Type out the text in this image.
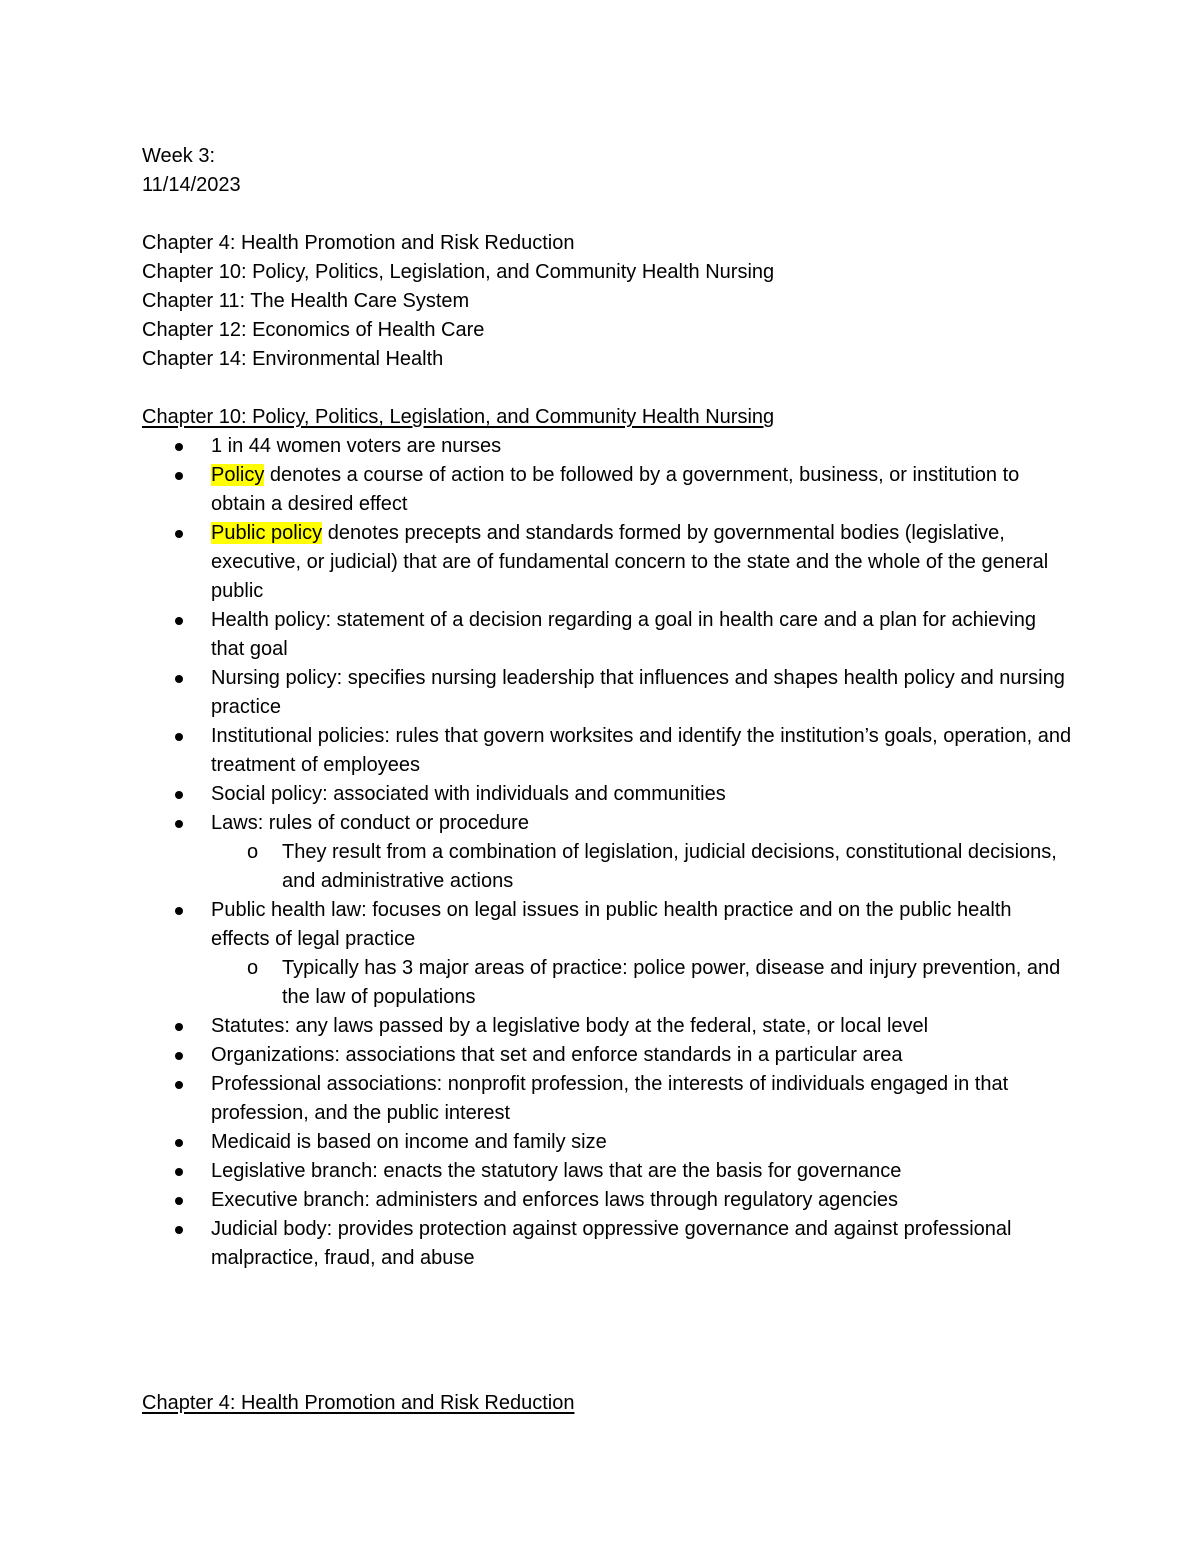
Week 3:

11/14/2023

Chapter 4: Health Promotion and Risk Reduction

Chapter 10: Policy, Politics, Legislation, and Community Health Nursing

Chapter 11: The Health Care System

Chapter 12: Economics of Health Care

Chapter 14: Environmental Health

Chapter 10: Policy, Politics, Legislation, and Community Health Nursing

1 in 44 women voters are nurses
Policy denotes a course of action to be followed by a government, business, or institution to obtain a desired effect
Public policy denotes precepts and standards formed by governmental bodies (legislative, executive, or judicial) that are of fundamental concern to the state and the whole of the general public
Health policy: statement of a decision regarding a goal in health care and a plan for achieving that goal
Nursing policy: specifies nursing leadership that influences and shapes health policy and nursing practice
Institutional policies: rules that govern worksites and identify the institution’s goals, operation, and treatment of employees
Social policy: associated with individuals and communities
Laws: rules of conduct or procedure
o They result from a combination of legislation, judicial decisions, constitutional decisions, and administrative actions
Public health law: focuses on legal issues in public health practice and on the public health effects of legal practice
o Typically has 3 major areas of practice: police power, disease and injury prevention, and the law of populations
Statutes: any laws passed by a legislative body at the federal, state, or local level
Organizations: associations that set and enforce standards in a particular area
Professional associations: nonprofit profession, the interests of individuals engaged in that profession, and the public interest
Medicaid is based on income and family size
Legislative branch: enacts the statutory laws that are the basis for governance
Executive branch: administers and enforces laws through regulatory agencies
Judicial body: provides protection against oppressive governance and against professional malpractice, fraud, and abuse

Chapter 4: Health Promotion and Risk Reduction
